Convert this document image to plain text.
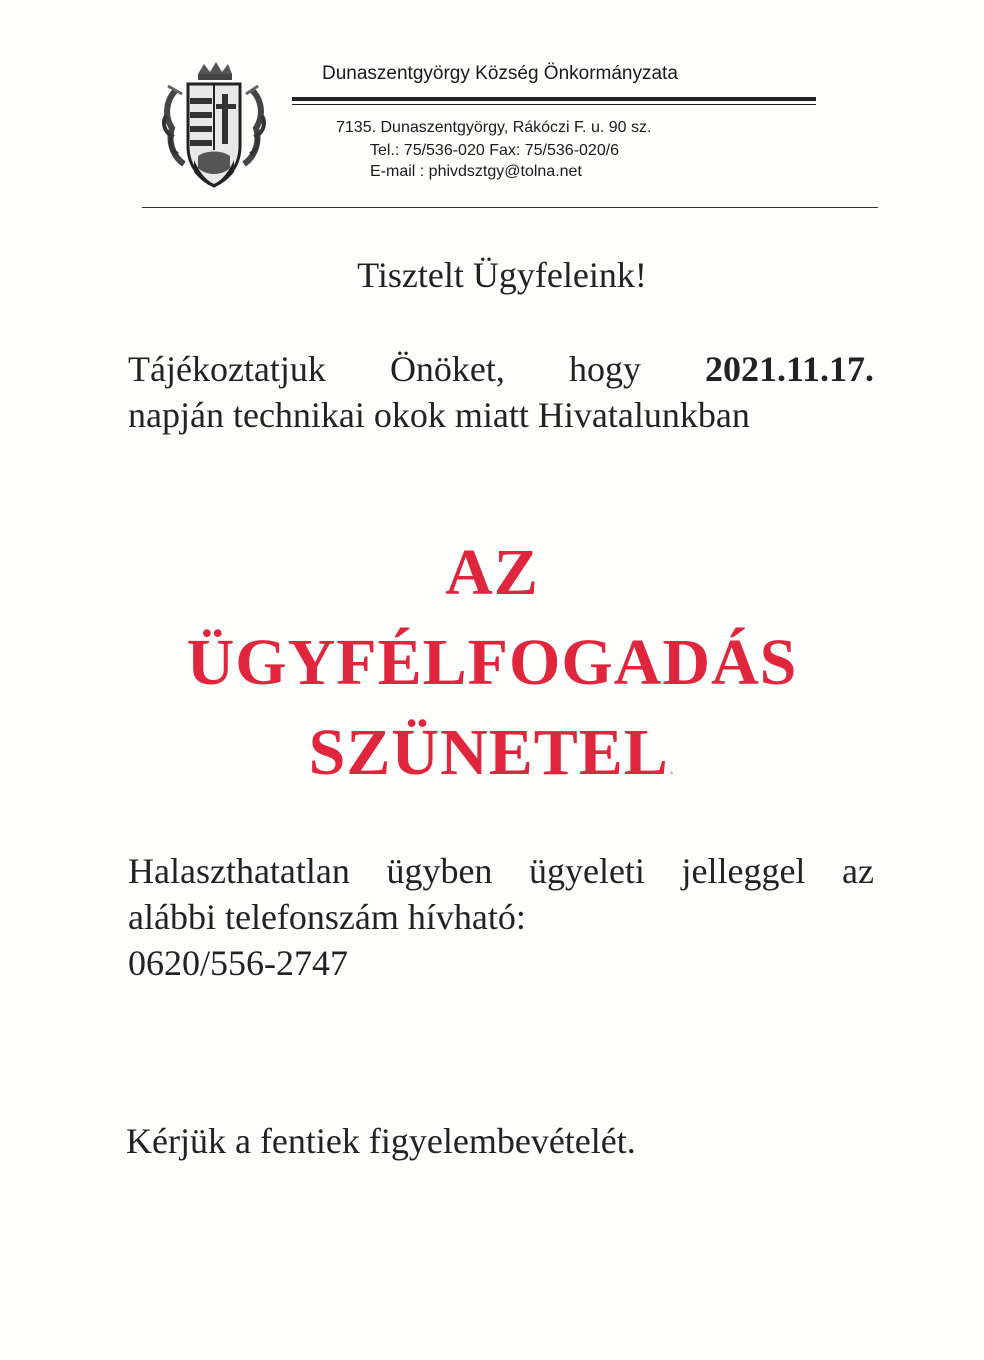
Dunaszentgyörgy Község Önkormányzata
7135. Dunaszentgyörgy, Rákóczi F. u. 90 sz.
Tel.: 75/536-020 Fax: 75/536-020/6
E-mail : phivdsztgy@tolna.net
Tisztelt Ügyfeleink!
Tájékoztatjuk Önöket, hogy 2021.11.17.
napján technikai okok miatt Hivatalunkban
AZ
ÜGYFÉLFOGADÁS
SZÜNETEL.
Halaszthatatlan ügyben ügyeleti jelleggel az
alábbi telefonszám hívható:
0620/556-2747
Kérjük a fentiek figyelembevételét.
